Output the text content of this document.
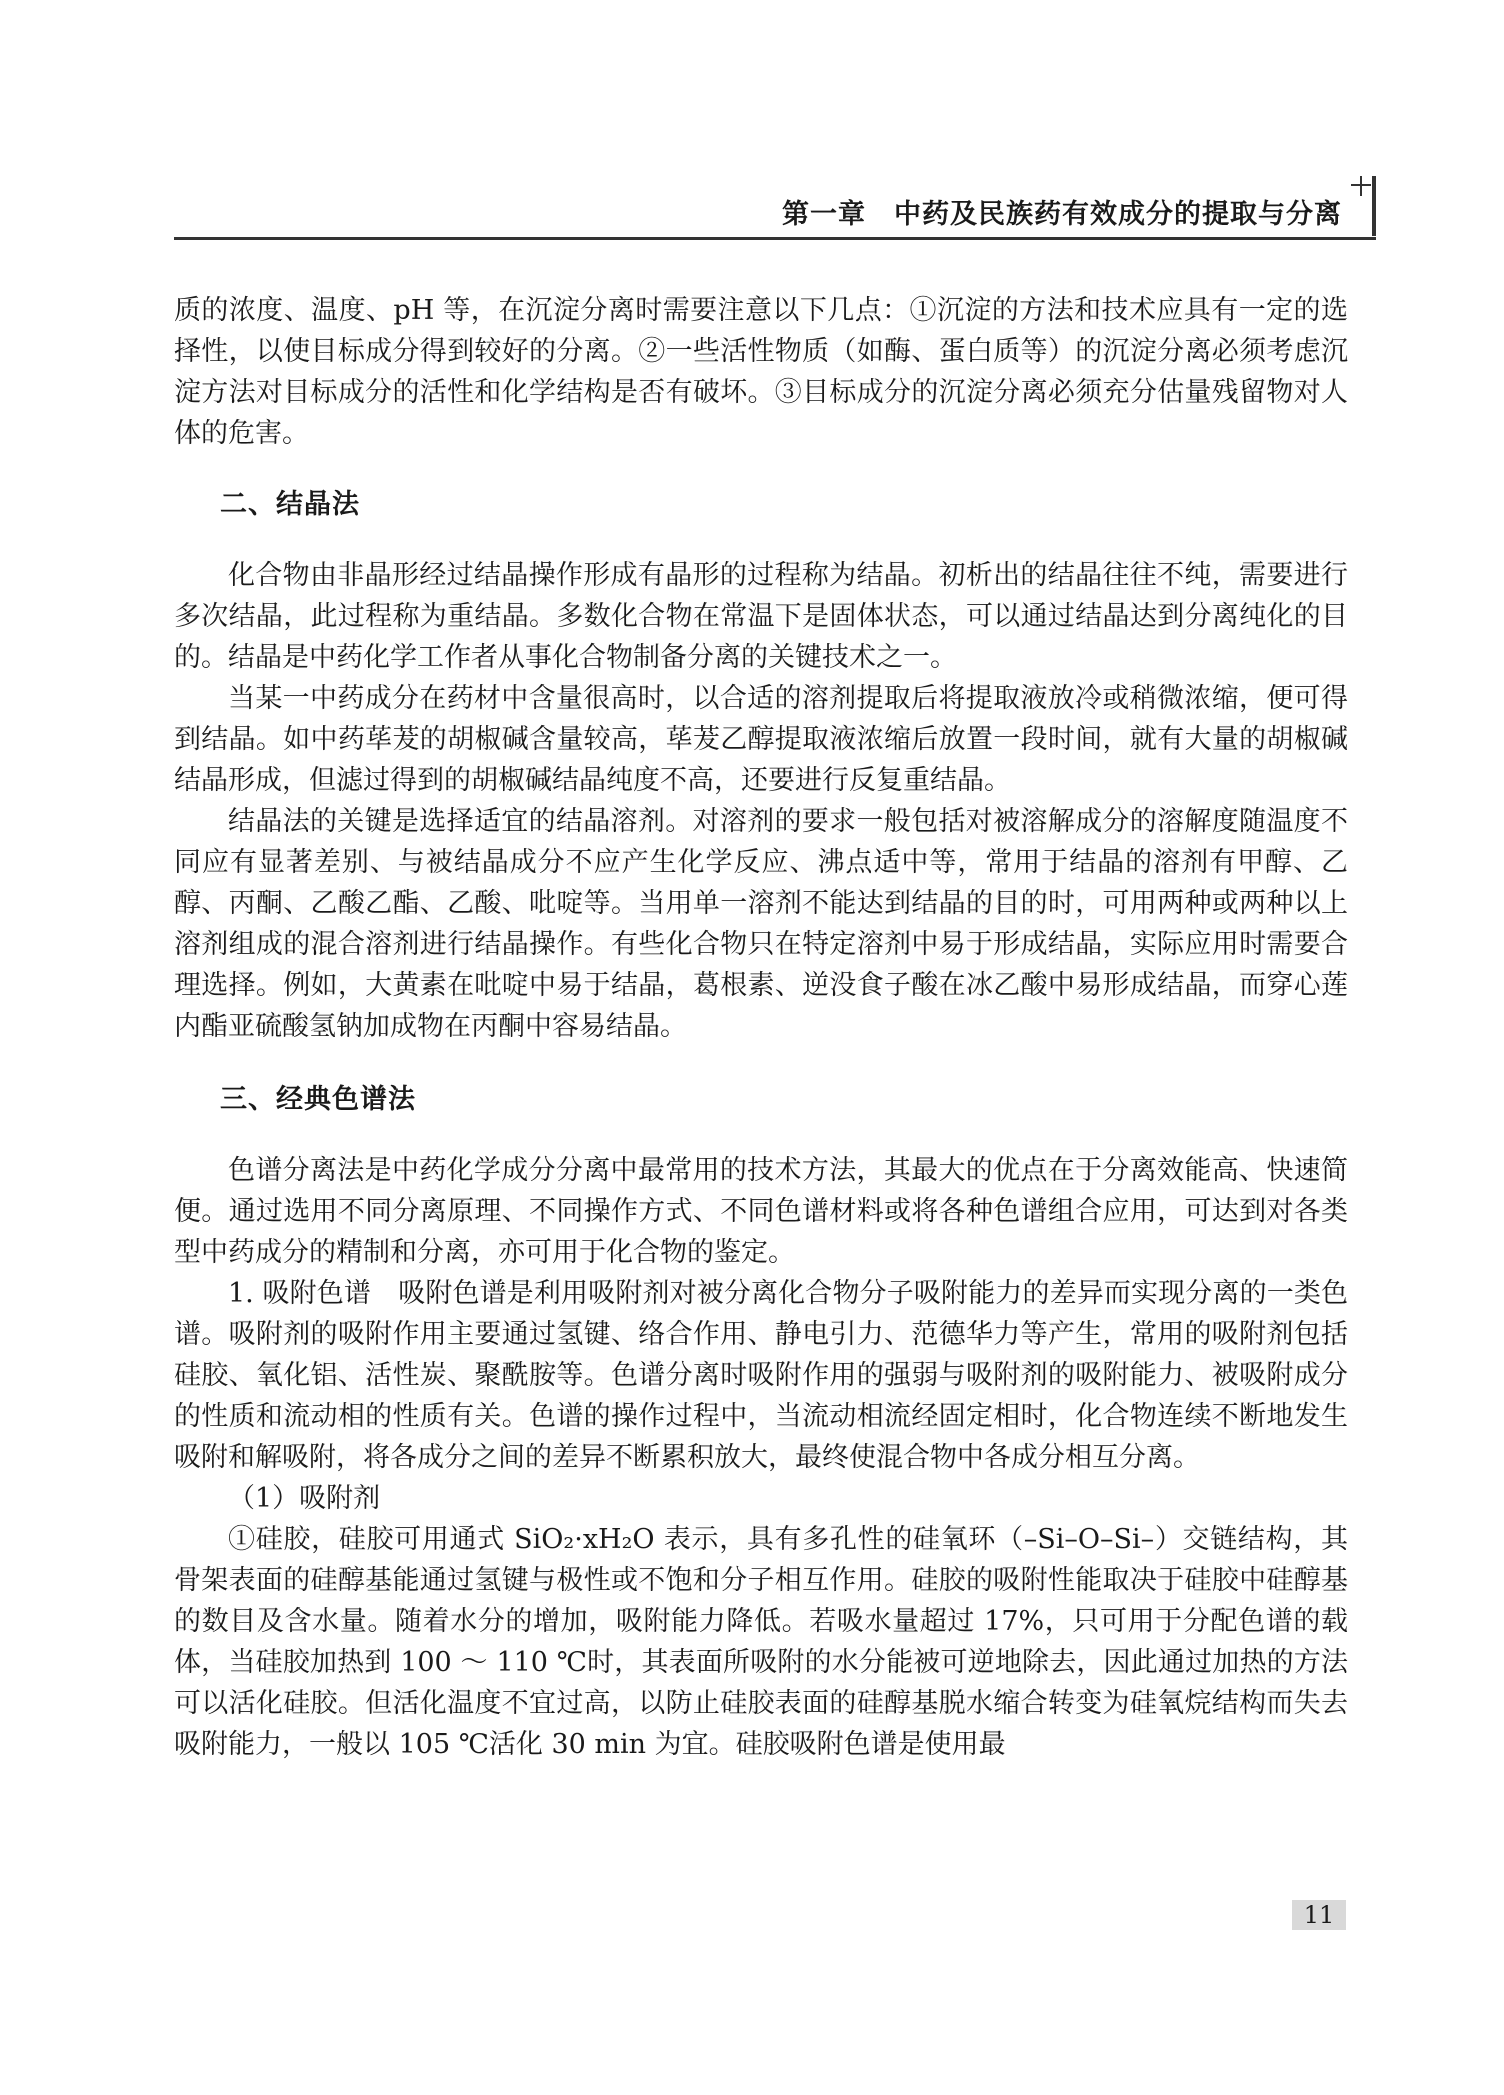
第一章　中药及民族药有效成分的提取与分离

质的浓度、温度、pH 等，在沉淀分离时需要注意以下几点：①沉淀的方法和技术应具有一定的选择性，以使目标成分得到较好的分离。②一些活性物质（如酶、蛋白质等）的沉淀分离必须考虑沉淀方法对目标成分的活性和化学结构是否有破坏。③目标成分的沉淀分离必须充分估量残留物对人体的危害。

二、结晶法

化合物由非晶形经过结晶操作形成有晶形的过程称为结晶。初析出的结晶往往不纯，需要进行多次结晶，此过程称为重结晶。多数化合物在常温下是固体状态，可以通过结晶达到分离纯化的目的。结晶是中药化学工作者从事化合物制备分离的关键技术之一。

当某一中药成分在药材中含量很高时，以合适的溶剂提取后将提取液放冷或稍微浓缩，便可得到结晶。如中药荜茇的胡椒碱含量较高，荜茇乙醇提取液浓缩后放置一段时间，就有大量的胡椒碱结晶形成，但滤过得到的胡椒碱结晶纯度不高，还要进行反复重结晶。

结晶法的关键是选择适宜的结晶溶剂。对溶剂的要求一般包括对被溶解成分的溶解度随温度不同应有显著差别、与被结晶成分不应产生化学反应、沸点适中等，常用于结晶的溶剂有甲醇、乙醇、丙酮、乙酸乙酯、乙酸、吡啶等。当用单一溶剂不能达到结晶的目的时，可用两种或两种以上溶剂组成的混合溶剂进行结晶操作。有些化合物只在特定溶剂中易于形成结晶，实际应用时需要合理选择。例如，大黄素在吡啶中易于结晶，葛根素、逆没食子酸在冰乙酸中易形成结晶，而穿心莲内酯亚硫酸氢钠加成物在丙酮中容易结晶。

三、经典色谱法

色谱分离法是中药化学成分分离中最常用的技术方法，其最大的优点在于分离效能高、快速简便。通过选用不同分离原理、不同操作方式、不同色谱材料或将各种色谱组合应用，可达到对各类型中药成分的精制和分离，亦可用于化合物的鉴定。

1. 吸附色谱　吸附色谱是利用吸附剂对被分离化合物分子吸附能力的差异而实现分离的一类色谱。吸附剂的吸附作用主要通过氢键、络合作用、静电引力、范德华力等产生，常用的吸附剂包括硅胶、氧化铝、活性炭、聚酰胺等。色谱分离时吸附作用的强弱与吸附剂的吸附能力、被吸附成分的性质和流动相的性质有关。色谱的操作过程中，当流动相流经固定相时，化合物连续不断地发生吸附和解吸附，将各成分之间的差异不断累积放大，最终使混合物中各成分相互分离。

（1）吸附剂

①硅胶，硅胶可用通式 SiO₂·xH₂O 表示，具有多孔性的硅氧环（–Si–O–Si–）交链结构，其骨架表面的硅醇基能通过氢键与极性或不饱和分子相互作用。硅胶的吸附性能取决于硅胶中硅醇基的数目及含水量。随着水分的增加，吸附能力降低。若吸水量超过 17%，只可用于分配色谱的载体，当硅胶加热到 100 ～ 110 ℃时，其表面所吸附的水分能被可逆地除去，因此通过加热的方法可以活化硅胶。但活化温度不宜过高，以防止硅胶表面的硅醇基脱水缩合转变为硅氧烷结构而失去吸附能力，一般以 105 ℃活化 30 min 为宜。硅胶吸附色谱是使用最

11
